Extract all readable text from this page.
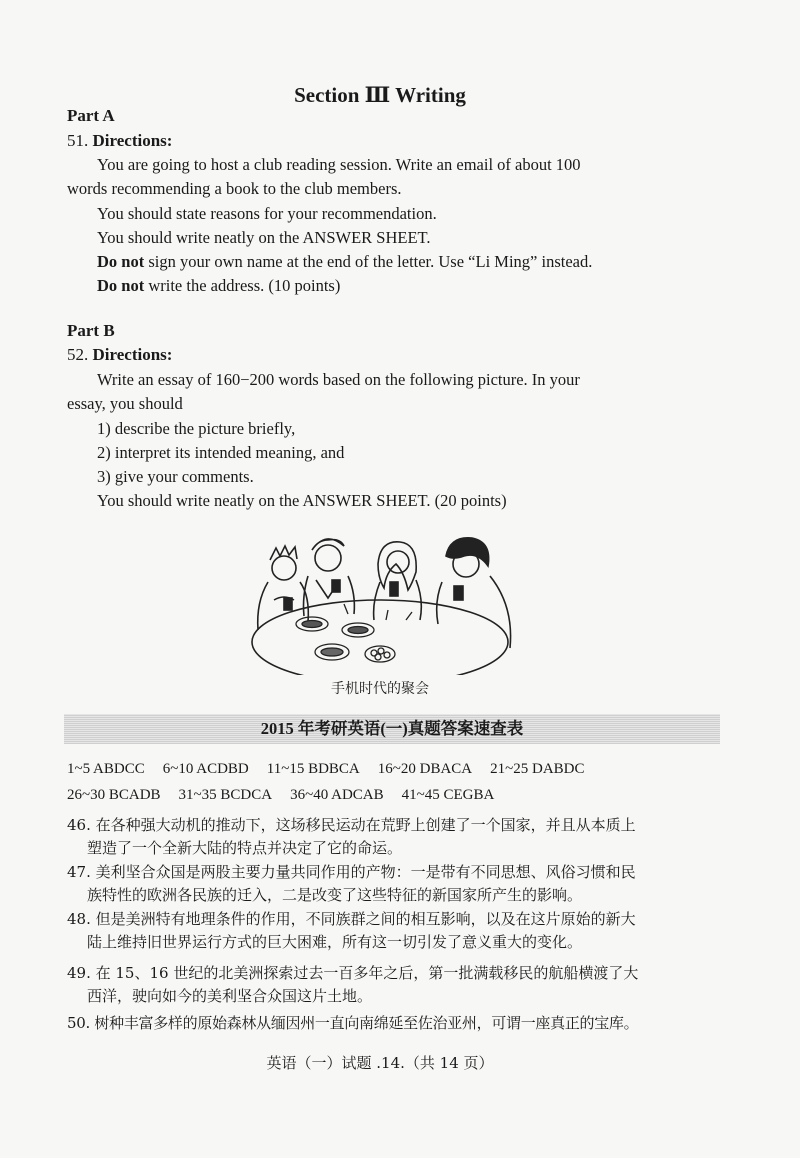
Section Ⅲ Writing
Part A
51. Directions:
You are going to host a club reading session. Write an email of about 100
words recommending a book to the club members.
You should state reasons for your recommendation.
You should write neatly on the ANSWER SHEET.
Do not sign your own name at the end of the letter. Use “Li Ming” instead.
Do not write the address. (10 points)
Part B
52. Directions:
Write an essay of 160−200 words based on the following picture. In your
essay, you should
1) describe the picture briefly,
2) interpret its intended meaning, and
3) give your comments.
You should write neatly on the ANSWER SHEET. (20 points)
手机时代的聚会
2015 年考研英语(一)真题答案速查表
1~5 ABDCC 6~10 ACDBD 11~15 BDBCA 16~20 DBACA 21~25 DABDC
26~30 BCADB 31~35 BCDCA 36~40 ADCAB 41~45 CEGBA
46. 在各种强大动机的推动下，这场移民运动在荒野上创建了一个国家，并且从本质上
塑造了一个全新大陆的特点并决定了它的命运。
47. 美利坚合众国是两股主要力量共同作用的产物：一是带有不同思想、风俗习惯和民
族特性的欧洲各民族的迁入，二是改变了这些特征的新国家所产生的影响。
48. 但是美洲特有地理条件的作用，不同族群之间的相互影响，以及在这片原始的新大
陆上维持旧世界运行方式的巨大困难，所有这一切引发了意义重大的变化。
49. 在 15、16 世纪的北美洲探索过去一百多年之后，第一批满载移民的航船横渡了大
西洋，驶向如今的美利坚合众国这片土地。
50. 树种丰富多样的原始森林从缅因州一直向南绵延至佐治亚州，可谓一座真正的宝库。
英语（一）试题 .14.（共 14 页）
